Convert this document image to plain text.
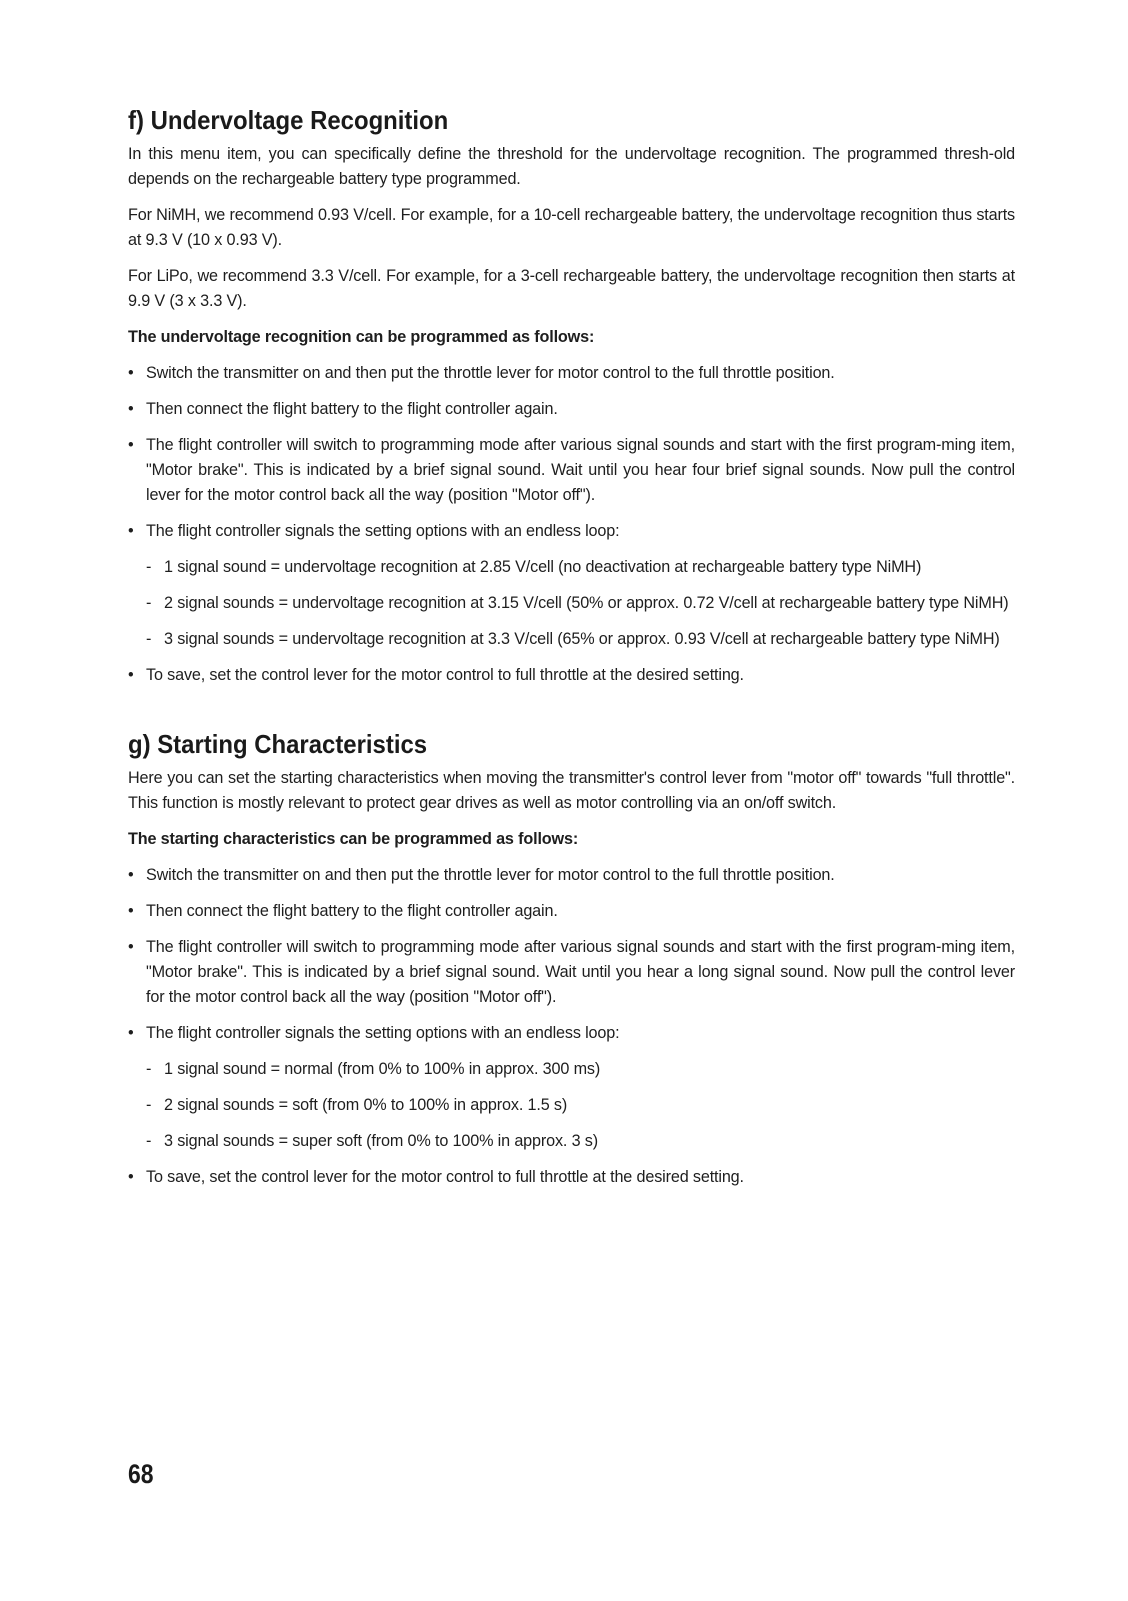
f) Undervoltage Recognition

In this menu item, you can specifically define the threshold for the undervoltage recognition. The programmed thresh-old depends on the rechargeable battery type programmed.

For NiMH, we recommend 0.93 V/cell. For example, for a 10-cell rechargeable battery, the undervoltage recognition thus starts at 9.3 V (10 x 0.93 V).

For LiPo, we recommend 3.3 V/cell. For example, for a 3-cell rechargeable battery, the undervoltage recognition then starts at 9.9 V (3 x 3.3 V).

The undervoltage recognition can be programmed as follows:

• Switch the transmitter on and then put the throttle lever for motor control to the full throttle position.
• Then connect the flight battery to the flight controller again.
• The flight controller will switch to programming mode after various signal sounds and start with the first program-ming item, "Motor brake". This is indicated by a brief signal sound. Wait until you hear four brief signal sounds. Now pull the control lever for the motor control back all the way (position "Motor off").
• The flight controller signals the setting options with an endless loop:
- 1 signal sound = undervoltage recognition at 2.85 V/cell (no deactivation at rechargeable battery type NiMH)
- 2 signal sounds = undervoltage recognition at 3.15 V/cell (50% or approx. 0.72 V/cell at rechargeable battery type NiMH)
- 3 signal sounds = undervoltage recognition at 3.3 V/cell (65% or approx. 0.93 V/cell at rechargeable battery type NiMH)
• To save, set the control lever for the motor control to full throttle at the desired setting.
g) Starting Characteristics

Here you can set the starting characteristics when moving the transmitter's control lever from "motor off" towards "full throttle". This function is mostly relevant to protect gear drives as well as motor controlling via an on/off switch.

The starting characteristics can be programmed as follows:

• Switch the transmitter on and then put the throttle lever for motor control to the full throttle position.
• Then connect the flight battery to the flight controller again.
• The flight controller will switch to programming mode after various signal sounds and start with the first program-ming item, "Motor brake". This is indicated by a brief signal sound. Wait until you hear a long signal sound. Now pull the control lever for the motor control back all the way (position "Motor off").
• The flight controller signals the setting options with an endless loop:
- 1 signal sound = normal (from 0% to 100% in approx. 300 ms)
- 2 signal sounds = soft (from 0% to 100% in approx. 1.5 s)
- 3 signal sounds = super soft (from 0% to 100% in approx. 3 s)
• To save, set the control lever for the motor control to full throttle at the desired setting.
68
